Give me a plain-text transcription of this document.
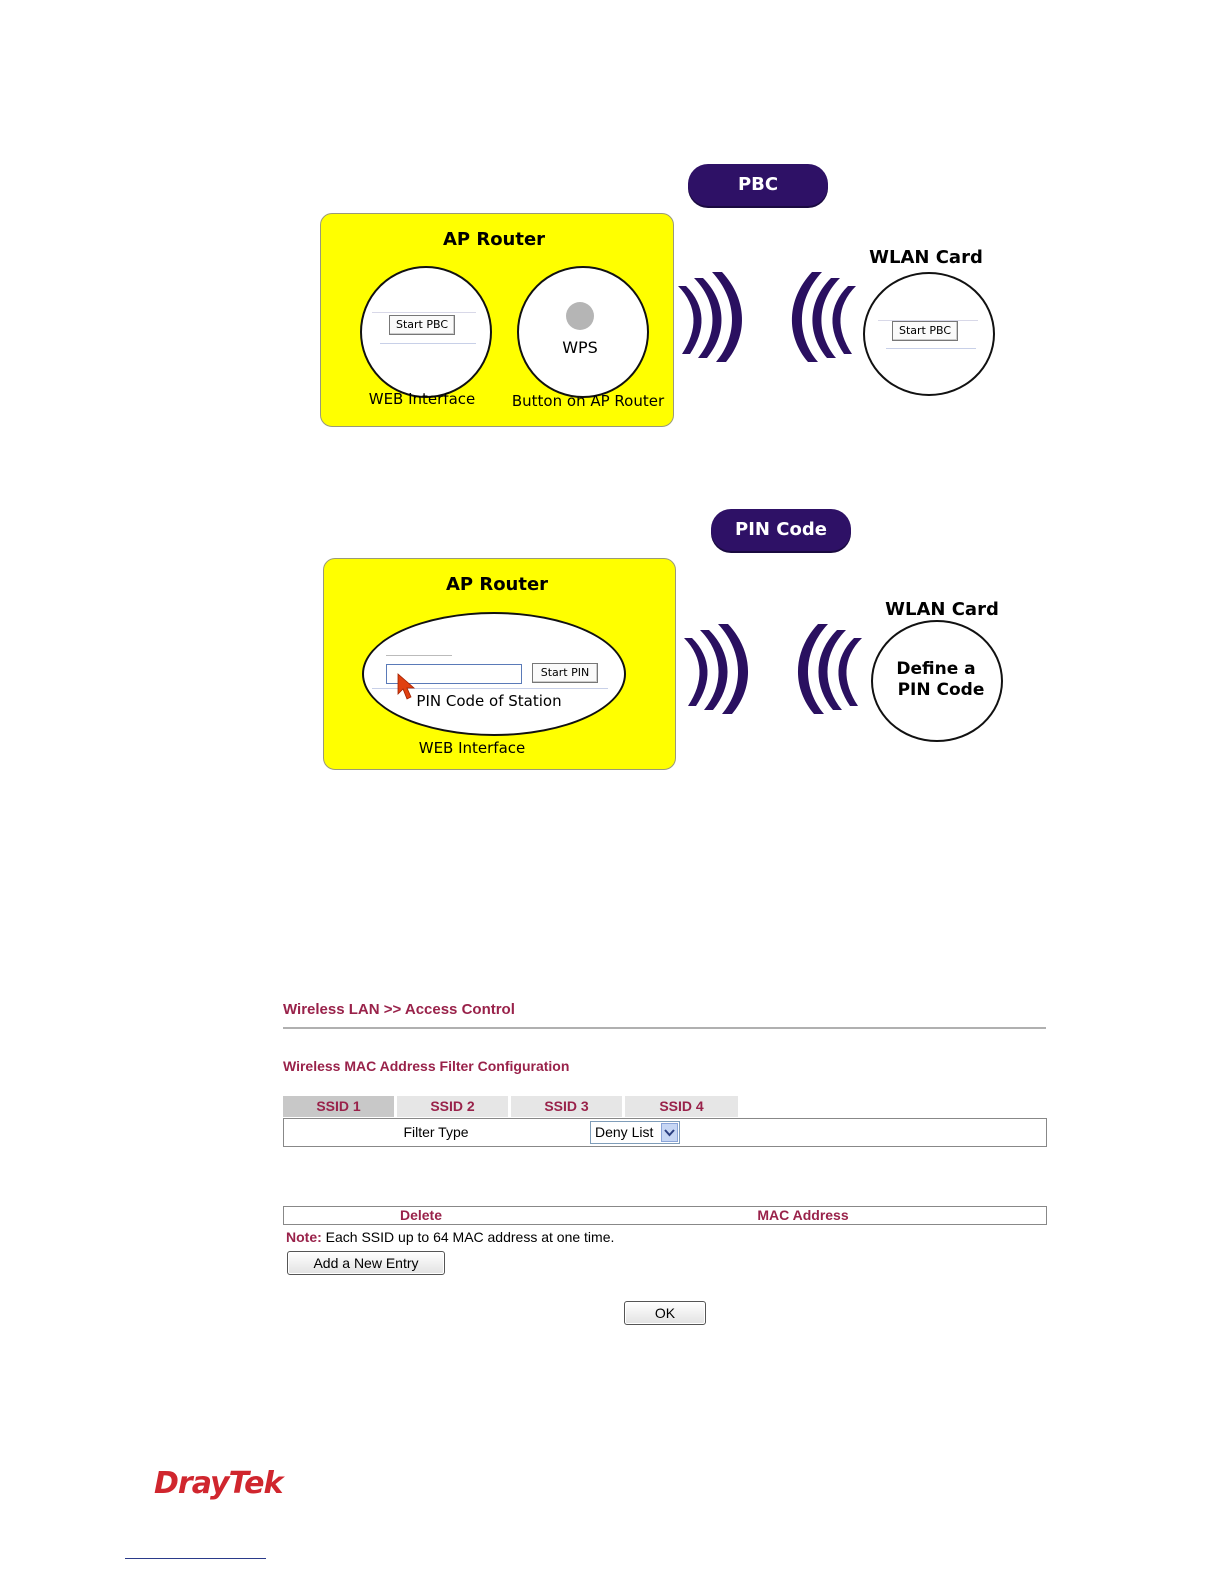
PBC
AP Router
Start PBC
WEB Interface
WPS
Button on AP Router
WLAN Card
Start PBC
PIN Code
AP Router
Start PIN
PIN Code of Station
WEB Interface
WLAN Card
Define a
PIN Code
Wireless LAN >> Access Control
Wireless MAC Address Filter Configuration
SSID 1	SSID 2	SSID 3	SSID 4
Filter Type	Deny List
Delete	MAC Address
Note: Each SSID up to 64 MAC address at one time.
Add a New Entry
OK
DrayTek
